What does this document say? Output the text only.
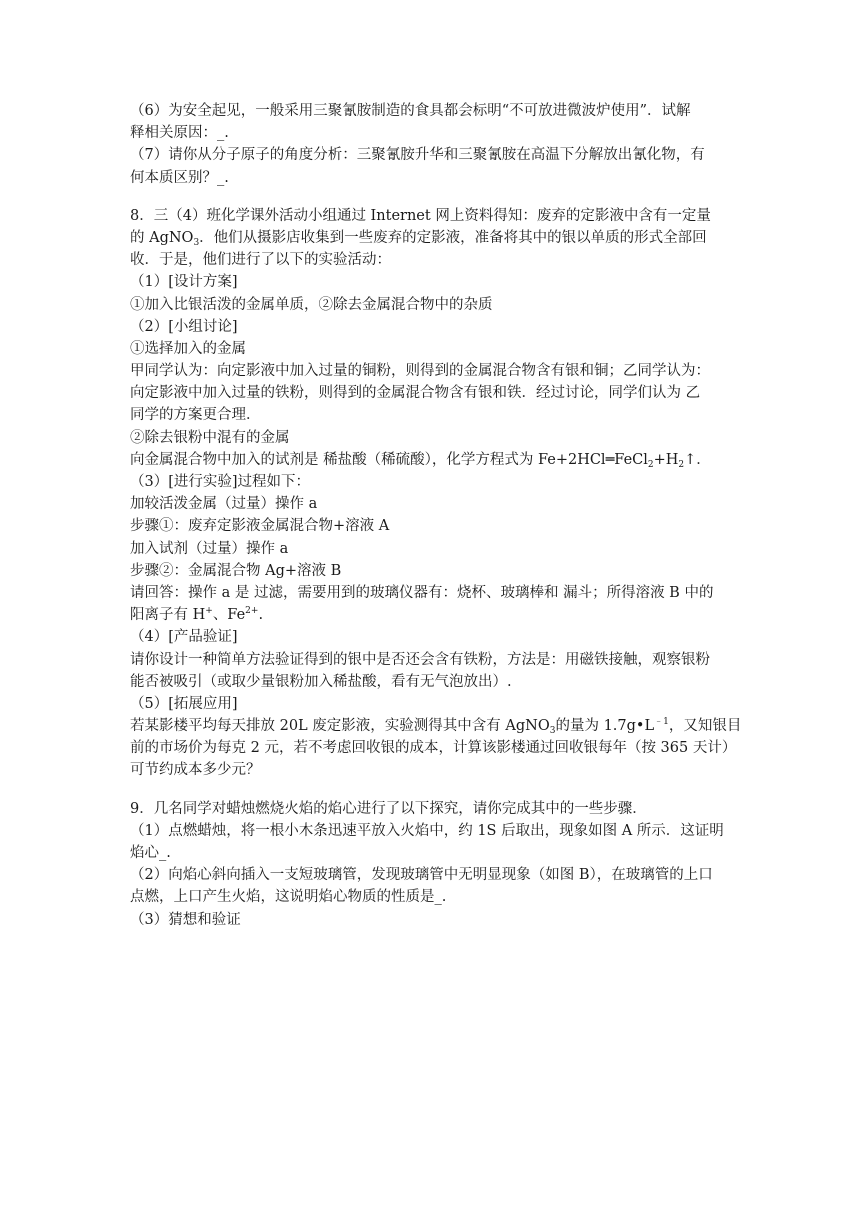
（6）为安全起见，一般采用三聚氰胺制造的食具都会标明“不可放进微波炉使用”．试解
释相关原因：_.
（7）请你从分子原子的角度分析：三聚氰胺升华和三聚氰胺在高温下分解放出氰化物，有
何本质区别？_.
8．三（4）班化学课外活动小组通过 Internet 网上资料得知：废弃的定影液中含有一定量
的 AgNO$_3$．他们从摄影店收集到一些废弃的定影液，准备将其中的银以单质的形式全部回
收．于是，他们进行了以下的实验活动：
（1）[设计方案]
①加入比银活泼的金属单质，②除去金属混合物中的杂质
（2）[小组讨论]
①选择加入的金属
甲同学认为：向定影液中加入过量的铜粉，则得到的金属混合物含有银和铜；乙同学认为：
向定影液中加入过量的铁粉，则得到的金属混合物含有银和铁．经过讨论，同学们认为 乙
同学的方案更合理．
②除去银粉中混有的金属
向金属混合物中加入的试剂是 稀盐酸（稀硫酸），化学方程式为 $Fe+2HCl═FeCl_2+H_2↑$．
（3）[进行实验]过程如下：
加较活泼金属（过量）操作 a
步骤①：废弃定影液金属混合物+溶液 A
加入试剂（过量）操作 a
步骤②：金属混合物 Ag+溶液 B
请回答：操作 a 是 过滤，需要用到的玻璃仪器有：烧杯、玻璃棒和 漏斗；所得溶液 B 中的
阳离子有 H+、$Fe^{2+}$.
（4）[产品验证]
请你设计一种简单方法验证得到的银中是否还会含有铁粉，方法是：用磁铁接触，观察银粉
能否被吸引（或取少量银粉加入稀盐酸，看有无气泡放出）.
（5）[拓展应用]
若某影楼平均每天排放 20L 废定影液，实验测得其中含有 AgNO$_3$的量为 $1.7g•L^{﹣1}$，又知银目
前的市场价为每克 2 元，若不考虑回收银的成本，计算该影楼通过回收银每年（按 365 天计）
可节约成本多少元？
9．几名同学对蜡烛燃烧火焰的焰心进行了以下探究，请你完成其中的一些步骤．
（1）点燃蜡烛，将一根小木条迅速平放入火焰中，约 1S 后取出，现象如图 A 所示．这证明
焰心_.
（2）向焰心斜向插入一支短玻璃管，发现玻璃管中无明显现象（如图 B），在玻璃管的上口
点燃，上口产生火焰，这说明焰心物质的性质是_.
（3）猜想和验证
